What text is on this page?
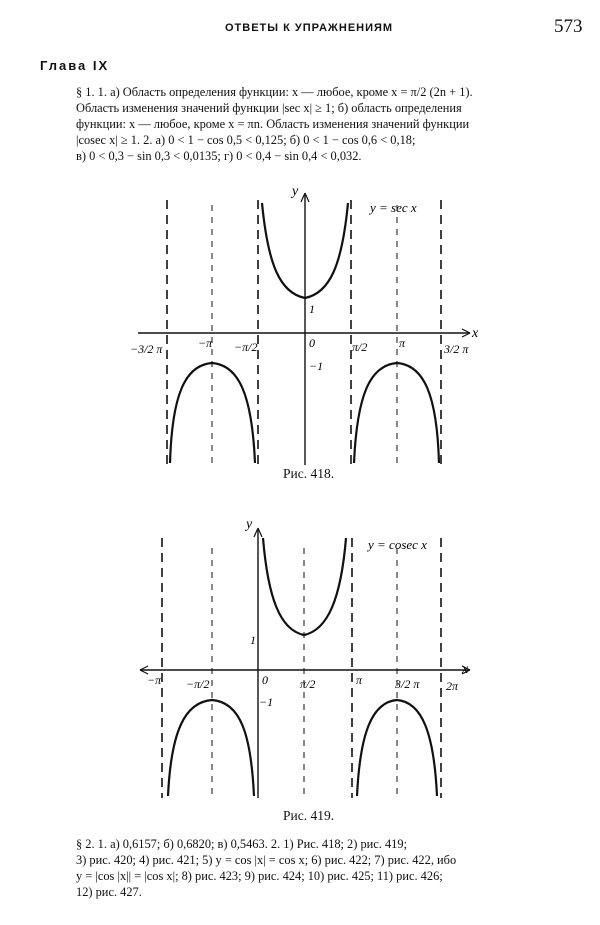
ОТВЕТЫ К УПРАЖНЕНИЯМ	573
Глава IX
§ 1. 1. а) Область определения функции: x — любое, кроме x = π/2 (2n + 1).
Область изменения значений функции |sec x| ≥ 1; б) область определения
функции: x — любое, кроме x = πn. Область изменения значений функции
|cosec x| ≥ 1. 2. а) 0 < 1 − cos 0,5 < 0,125; б) 0 < 1 − cos 0,6 < 0,18;
в) 0 < 0,3 − sin 0,3 < 0,0135; г) 0 < 0,4 − sin 0,4 < 0,032.
y
x
y = sec x
−3/2 π	−π −π/2	0	π/2	π	3/2 π
1
−1
Рис. 418.
y
x
y = cosec x
−π −π/2	0	π/2	π	3/2 π 2π
1
−1
Рис. 419.
§ 2. 1. а) 0,6157; б) 0,6820; в) 0,5463. 2. 1) Рис. 418; 2) рис. 419;
3) рис. 420; 4) рис. 421; 5) y = cos |x| = cos x; 6) рис. 422; 7) рис. 422, ибо
y = |cos |x|| = |cos x|; 8) рис. 423; 9) рис. 424; 10) рис. 425; 11) рис. 426;
12) рис. 427.
